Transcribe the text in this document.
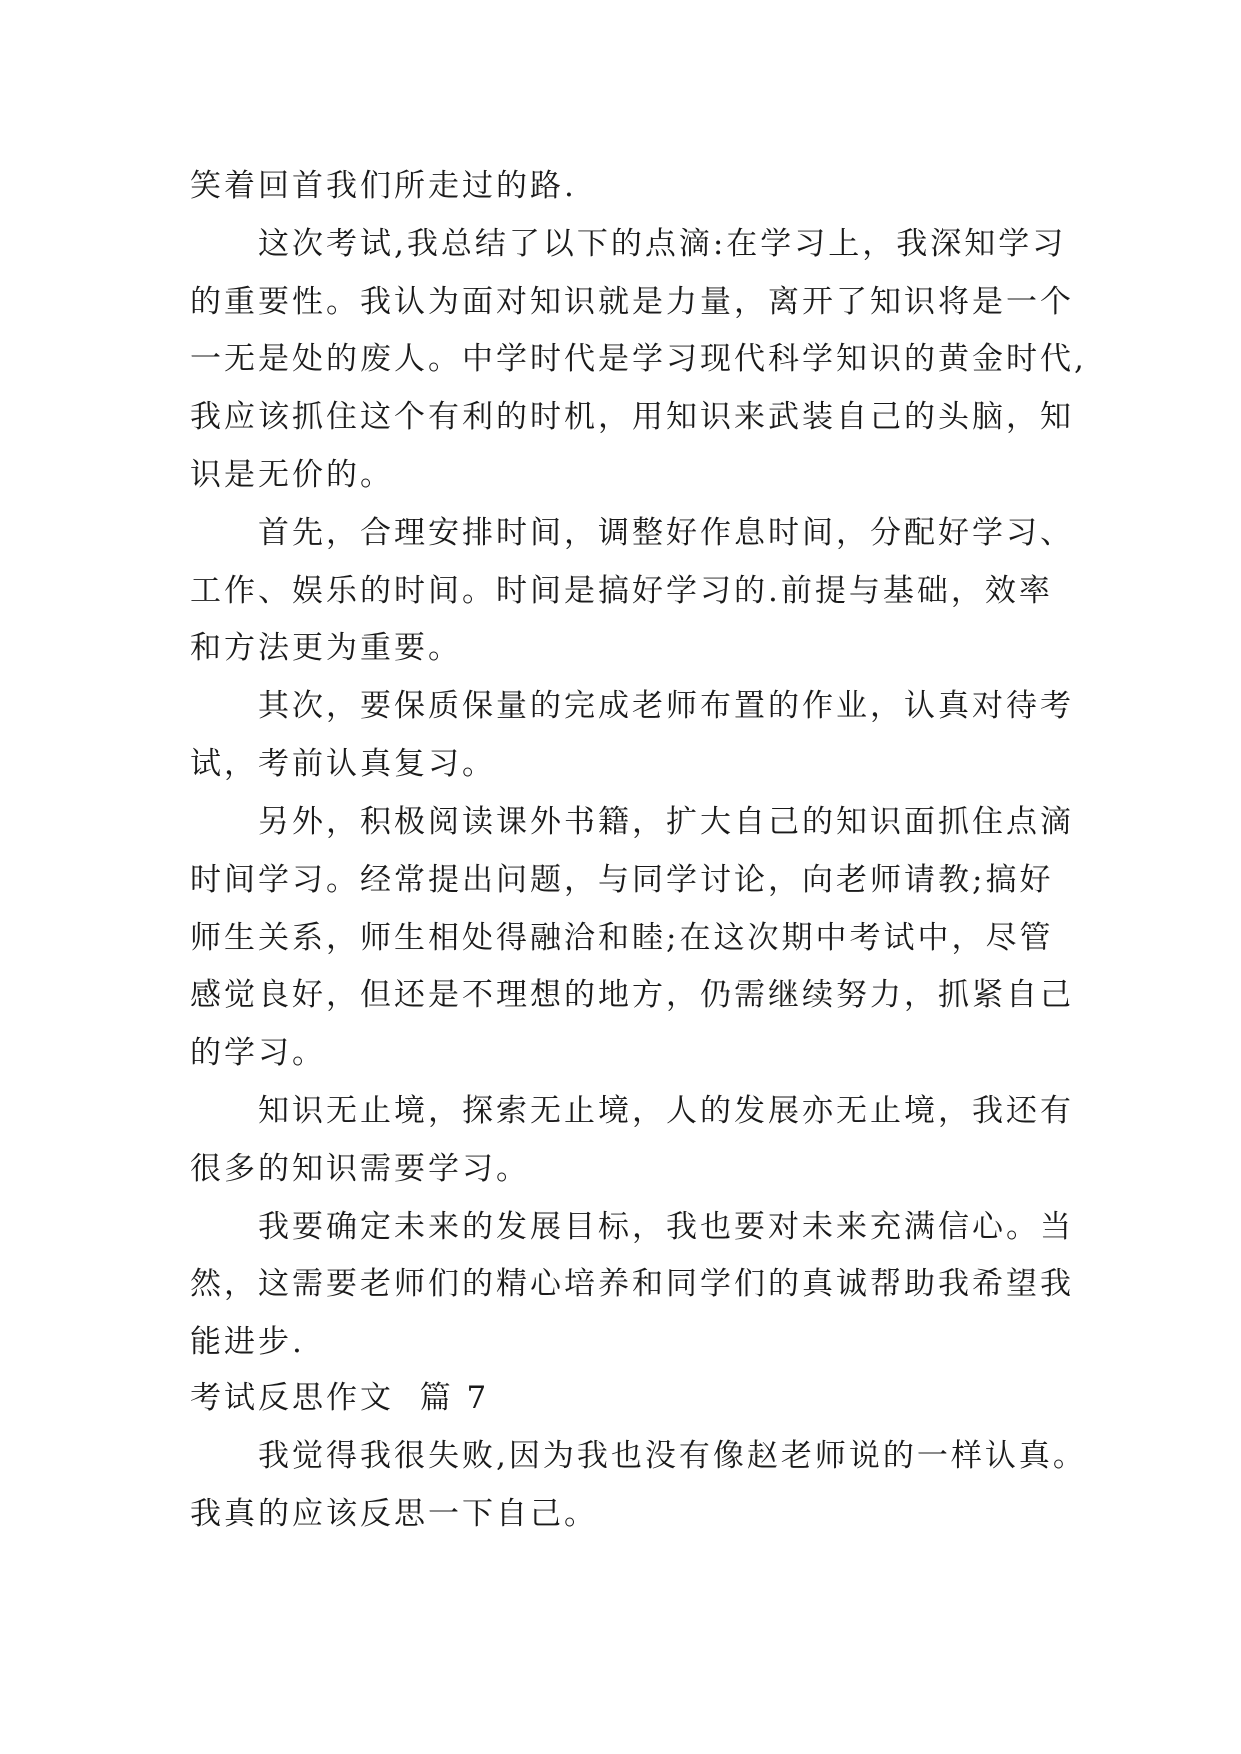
笑着回首我们所走过的路.
这次考试,我总结了以下的点滴:在学习上，我深知学习
的重要性。我认为面对知识就是力量，离开了知识将是一个
一无是处的废人。中学时代是学习现代科学知识的黄金时代,
我应该抓住这个有利的时机，用知识来武装自己的头脑，知
识是无价的。
首先，合理安排时间，调整好作息时间，分配好学习、
工作、娱乐的时间。时间是搞好学习的.前提与基础，效率
和方法更为重要。
其次，要保质保量的完成老师布置的作业，认真对待考
试，考前认真复习。
另外，积极阅读课外书籍，扩大自己的知识面抓住点滴
时间学习。经常提出问题，与同学讨论，向老师请教;搞好
师生关系，师生相处得融洽和睦;在这次期中考试中，尽管
感觉良好，但还是不理想的地方，仍需继续努力，抓紧自己
的学习。
知识无止境，探索无止境，人的发展亦无止境，我还有
很多的知识需要学习。
我要确定未来的发展目标，我也要对未来充满信心。当
然，这需要老师们的精心培养和同学们的真诚帮助我希望我
能进步.
考试反思作文  篇 7
我觉得我很失败,因为我也没有像赵老师说的一样认真。
我真的应该反思一下自己。
